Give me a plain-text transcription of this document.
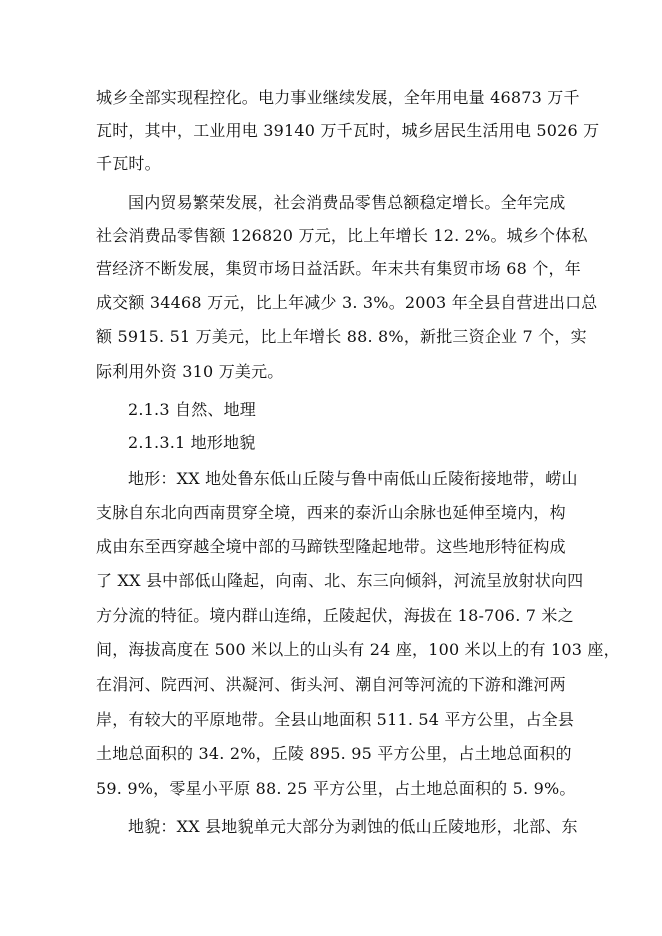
城乡全部实现程控化。电力事业继续发展，全年用电量 46873 万千
瓦时，其中，工业用电 39140 万千瓦时，城乡居民生活用电 5026 万
千瓦时。
国内贸易繁荣发展，社会消费品零售总额稳定增长。全年完成
社会消费品零售额 126820 万元，比上年增长 12. 2%。城乡个体私
营经济不断发展，集贸市场日益活跃。年末共有集贸市场 68 个，年
成交额 34468 万元，比上年减少 3. 3%。2003 年全县自营进出口总
额 5915. 51 万美元，比上年增长 88. 8%，新批三资企业 7 个，实
际利用外资 310 万美元。
2.1.3 自然、地理
2.1.3.1 地形地貌
地形：XX 地处鲁东低山丘陵与鲁中南低山丘陵衔接地带，崂山
支脉自东北向西南贯穿全境，西来的泰沂山余脉也延伸至境内，构
成由东至西穿越全境中部的马蹄铁型隆起地带。这些地形特征构成
了 XX 县中部低山隆起，向南、北、东三向倾斜，河流呈放射状向四
方分流的特征。境内群山连绵，丘陵起伏，海拔在 18-706. 7 米之
间，海拔高度在 500 米以上的山头有 24 座，100 米以上的有 103 座，
在涓河、院西河、洪凝河、街头河、潮自河等河流的下游和潍河两
岸，有较大的平原地带。全县山地面积 511. 54 平方公里，占全县
土地总面积的 34. 2%，丘陵 895. 95 平方公里，占土地总面积的
59. 9%，零星小平原 88. 25 平方公里，占土地总面积的 5. 9%。
地貌：XX 县地貌单元大部分为剥蚀的低山丘陵地形，北部、东
